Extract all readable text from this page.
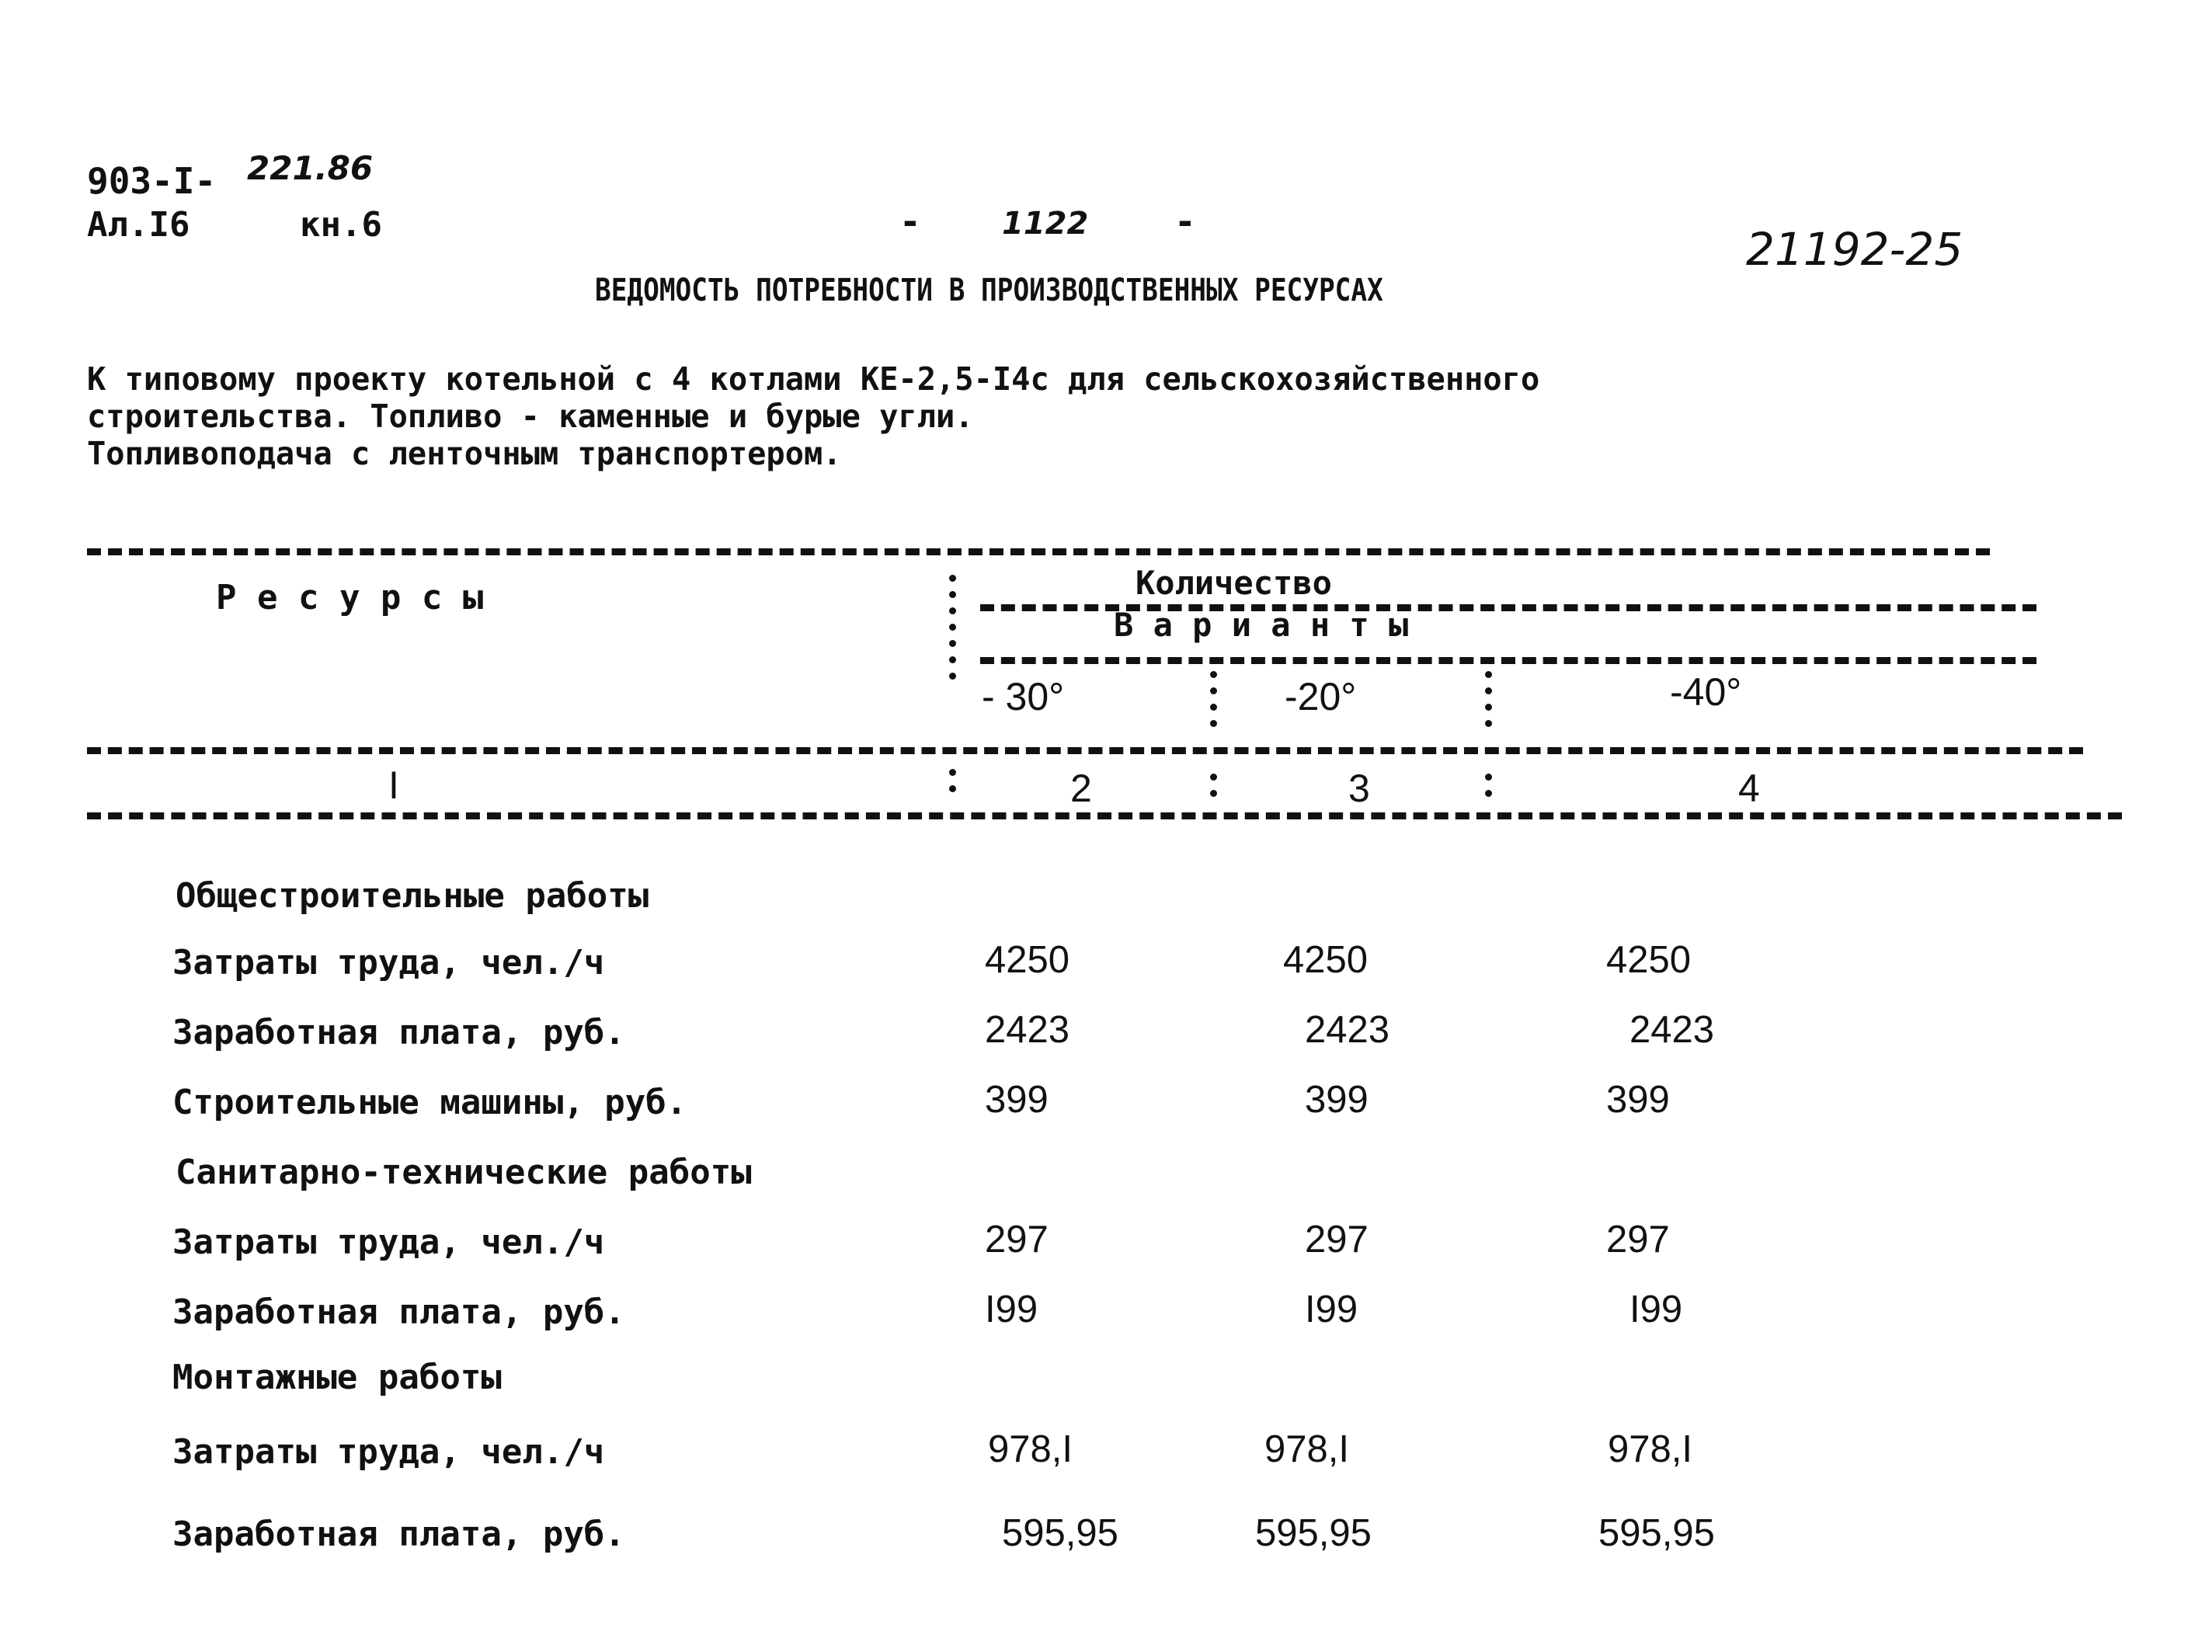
903-I- 221.86
Ал.I6	кн.6	-	1122 -
21192-25
ВЕДОМОСТЬ ПОТРЕБНОСТИ В ПРОИЗВОДСТВЕННЫХ РЕСУРСАХ
К типовому проекту котельной с 4 котлами КЕ-2,5-I4с для сельскохозяйственного
строительства. Топливо - каменные и бурые угли.
Топливоподача с ленточным транспортером.
Р е с у р с ы	Количество
В а р и а н т ы
- 30°	-20°	-40°
I	2	3	4
Общестроительные работы
Затраты труда, чел./ч	4250	4250	4250
Заработная плата, руб.	2423	2423	2423
Строительные машины, руб.	399	399	399
Санитарно-технические работы
Затраты труда, чел./ч	297	297	297
Заработная плата, руб.	I99	I99	I99
Монтажные работы
Затраты труда, чел./ч	978,I	978,I	978,I
Заработная плата, руб.	595,95	595,95	595,95
